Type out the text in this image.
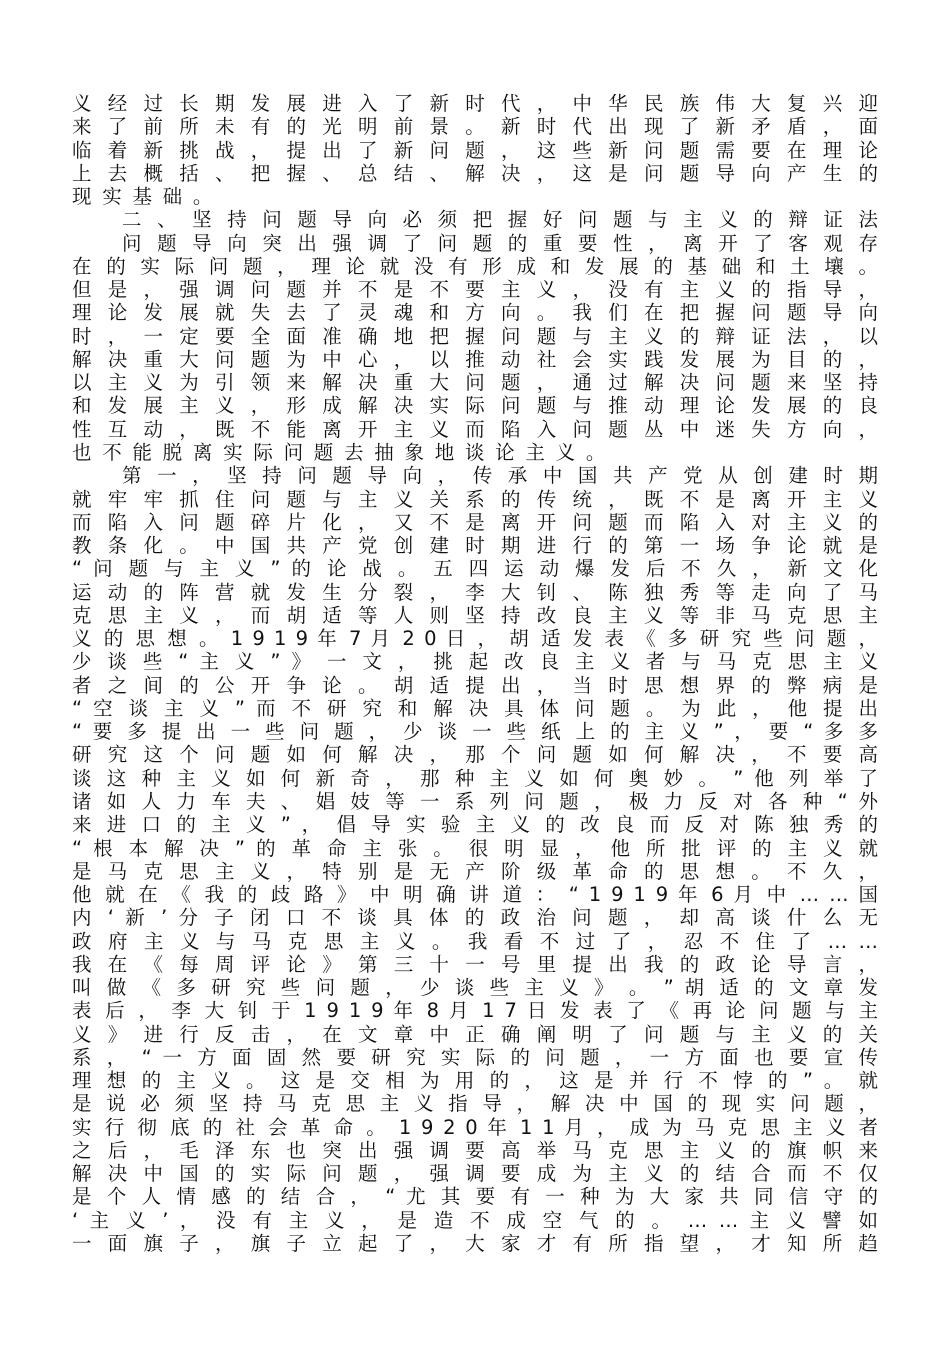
义 经 过 长 期 发 展 进 入 了 新 时 代 ， 中 华 民 族 伟 大 复 兴 迎
来 了 前 所 未 有 的 光 明 前 景 。 新 时 代 出 现 了 新 矛 盾 ， 面
临 着 新 挑 战 ， 提 出 了 新 问 题 ， 这 些 新 问 题 需 要 在 理 论
上 去 概 括 、 把 握 、 总 结 、 解 决 ， 这 是 问 题 导 向 产 生 的
现实基础。
二 、 坚 持 问 题 导 向 必 须 把 握 好 问 题 与 主 义 的 辩 证 法
问 题 导 向 突 出 强 调 了 问 题 的 重 要 性 ， 离 开 了 客 观 存
在 的 实 际 问 题 ， 理 论 就 没 有 形 成 和 发 展 的 基 础 和 土 壤 。
但 是 ， 强 调 问 题 并 不 是 不 要 主 义 ， 没 有 主 义 的 指 导 ，
理 论 发 展 就 失 去 了 灵 魂 和 方 向 。 我 们 在 把 握 问 题 导 向
时 ， 一 定 要 全 面 准 确 地 把 握 问 题 与 主 义 的 辩 证 法 ， 以
解 决 重 大 问 题 为 中 心 ， 以 推 动 社 会 实 践 发 展 为 目 的 ，
以 主 义 为 引 领 来 解 决 重 大 问 题 ， 通 过 解 决 问 题 来 坚 持
和 发 展 主 义 ， 形 成 解 决 实 际 问 题 与 推 动 理 论 发 展 的 良
性 互 动 ， 既 不 能 离 开 主 义 而 陷 入 问 题 丛 中 迷 失 方 向 ，
也不能脱离实际问题去抽象地谈论主义。
第 一 ， 坚 持 问 题 导 向 ， 传 承 中 国 共 产 党 从 创 建 时 期
就 牢 牢 抓 住 问 题 与 主 义 关 系 的 传 统 ， 既 不 是 离 开 主 义
而 陷 入 问 题 碎 片 化 ， 又 不 是 离 开 问 题 而 陷 入 对 主 义 的
教 条 化 。 中 国 共 产 党 创 建 时 期 进 行 的 第 一 场 争 论 就 是
“ 问 题 与 主 义 ” 的 论 战 。 五 四 运 动 爆 发 后 不 久 ， 新 文 化
运 动 的 阵 营 就 发 生 分 裂 ， 李 大 钊 、 陈 独 秀 等 走 向 了 马
克 思 主 义 ， 而 胡 适 等 人 则 坚 持 改 良 主 义 等 非 马 克 思 主
义 的 思 想 。 1 9 1 9 年 7 月 2 0 日 ， 胡 适 发 表 《 多 研 究 些 问 题 ，
少 谈 些 “ 主 义 ” 》 一 文 ， 挑 起 改 良 主 义 者 与 马 克 思 主 义
者 之 间 的 公 开 争 论 。 胡 适 提 出 ， 当 时 思 想 界 的 弊 病 是
“ 空 谈 主 义 ” 而 不 研 究 和 解 决 具 体 问 题 。 为 此 ， 他 提 出
“ 要 多 提 出 一 些 问 题 ， 少 谈 一 些 纸 上 的 主 义 ” ， 要 “ 多 多
研 究 这 个 问 题 如 何 解 决 ， 那 个 问 题 如 何 解 决 ， 不 要 高
谈 这 种 主 义 如 何 新 奇 ， 那 种 主 义 如 何 奥 妙 。 ” 他 列 举 了
诸 如 人 力 车 夫 、 娼 妓 等 一 系 列 问 题 ， 极 力 反 对 各 种 “ 外
来 进 口 的 主 义 ” ， 倡 导 实 验 主 义 的 改 良 而 反 对 陈 独 秀 的
“ 根 本 解 决 ” 的 革 命 主 张 。 很 明 显 ， 他 所 批 评 的 主 义 就
是 马 克 思 主 义 ， 特 别 是 无 产 阶 级 革 命 的 思 想 。 不 久 ，
他 就 在 《 我 的 歧 路 》 中 明 确 讲 道 ： “ 1 9 1 9 年 6 月 中 … … 国
内 ‘ 新 ’ 分 子 闭 口 不 谈 具 体 的 政 治 问 题 ， 却 高 谈 什 么 无
政 府 主 义 与 马 克 思 主 义 。 我 看 不 过 了 ， 忍 不 住 了 … …
我 在 《 每 周 评 论 》 第 三 十 一 号 里 提 出 我 的 政 论 导 言 ，
叫 做 《 多 研 究 些 问 题 ， 少 谈 些 主 义 》 。 ” 胡 适 的 文 章 发
表 后 ， 李 大 钊 于 1 9 1 9 年 8 月 1 7 日 发 表 了 《 再 论 问 题 与 主
义 》 进 行 反 击 ， 在 文 章 中 正 确 阐 明 了 问 题 与 主 义 的 关
系 ， “ 一 方 面 固 然 要 研 究 实 际 的 问 题 ， 一 方 面 也 要 宣 传
理 想 的 主 义 。 这 是 交 相 为 用 的 ， 这 是 并 行 不 悖 的 ” 。 就
是 说 必 须 坚 持 马 克 思 主 义 指 导 ， 解 决 中 国 的 现 实 问 题 ，
实 行 彻 底 的 社 会 革 命 。 1 9 2 0 年 1 1 月 ， 成 为 马 克 思 主 义 者
之 后 ， 毛 泽 东 也 突 出 强 调 要 高 举 马 克 思 主 义 的 旗 帜 来
解 决 中 国 的 实 际 问 题 ， 强 调 要 成 为 主 义 的 结 合 而 不 仅
是 个 人 情 感 的 结 合 ， “ 尤 其 要 有 一 种 为 大 家 共 同 信 守 的
‘ 主 义 ’ ， 没 有 主 义 ， 是 造 不 成 空 气 的 。 … … 主 义 譬 如
一 面 旗 子 ， 旗 子 立 起 了 ， 大 家 才 有 所 指 望 ， 才 知 所 趋
